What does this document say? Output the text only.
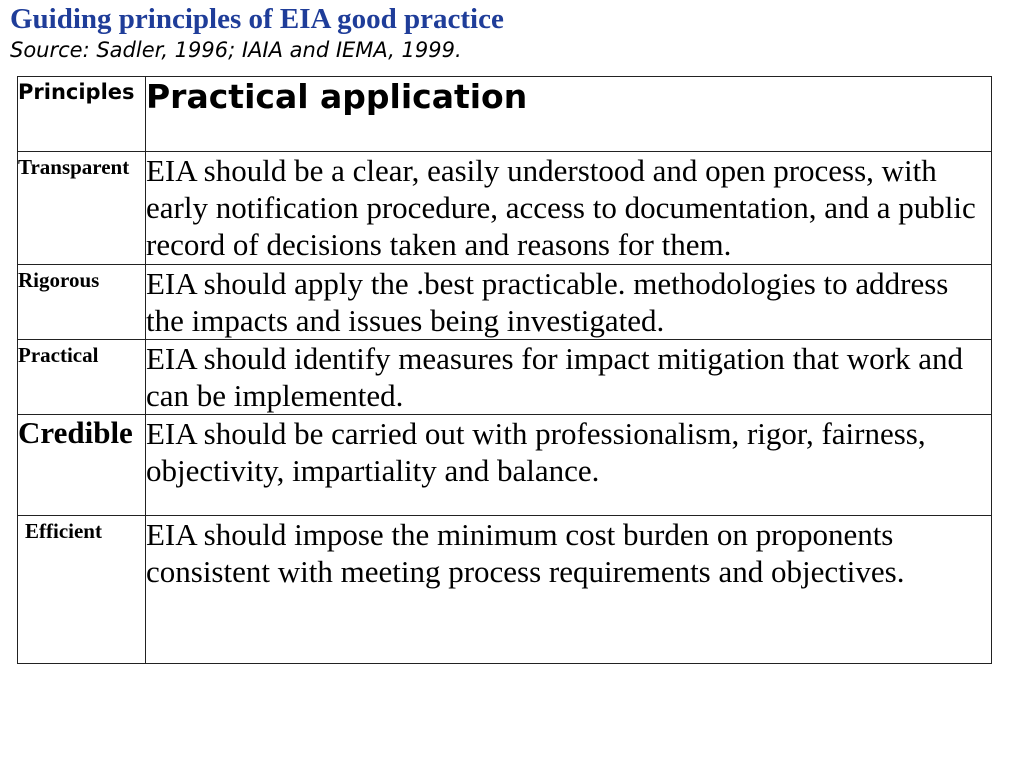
Guiding principles of EIA good practice
Source: Sadler, 1996; IAIA and IEMA, 1999.
Principles	Practical application
Transparent	EIA should be a clear, easily understood and open process, with early notification procedure, access to documentation, and a public record of decisions taken and reasons for them.
Rigorous	EIA should apply the .best practicable. methodologies to address the impacts and issues being investigated.
Practical	EIA should identify measures for impact mitigation that work and can be implemented.
Credible	EIA should be carried out with professionalism, rigor, fairness, objectivity, impartiality and balance.
Efficient	EIA should impose the minimum cost burden on proponents consistent with meeting process requirements and objectives.
